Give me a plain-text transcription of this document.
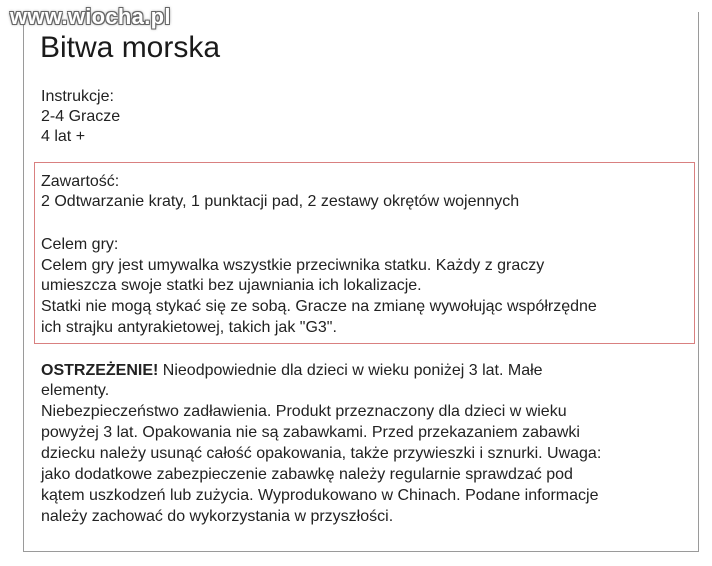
www.wiocha.pl
Bitwa morska
Instrukcje:
2-4 Gracze
4 lat +
Zawartość:
2 Odtwarzanie kraty, 1 punktacji pad, 2 zestawy okrętów wojennych
Celem gry:
Celem gry jest umywalka wszystkie przeciwnika statku. Każdy z graczy
umieszcza swoje statki bez ujawniania ich lokalizacje.
Statki nie mogą stykać się ze sobą. Gracze na zmianę wywołując współrzędne
ich strajku antyrakietowej, takich jak "G3".
OSTRZEŻENIE! Nieodpowiednie dla dzieci w wieku poniżej 3 lat. Małe
elementy.
Niebezpieczeństwo zadławienia. Produkt przeznaczony dla dzieci w wieku
powyżej 3 lat. Opakowania nie są zabawkami. Przed przekazaniem zabawki
dziecku należy usunąć całość opakowania, także przywieszki i sznurki. Uwaga:
jako dodatkowe zabezpieczenie zabawkę należy regularnie sprawdzać pod
kątem uszkodzeń lub zużycia. Wyprodukowano w Chinach. Podane informacje
należy zachować do wykorzystania w przyszłości.
